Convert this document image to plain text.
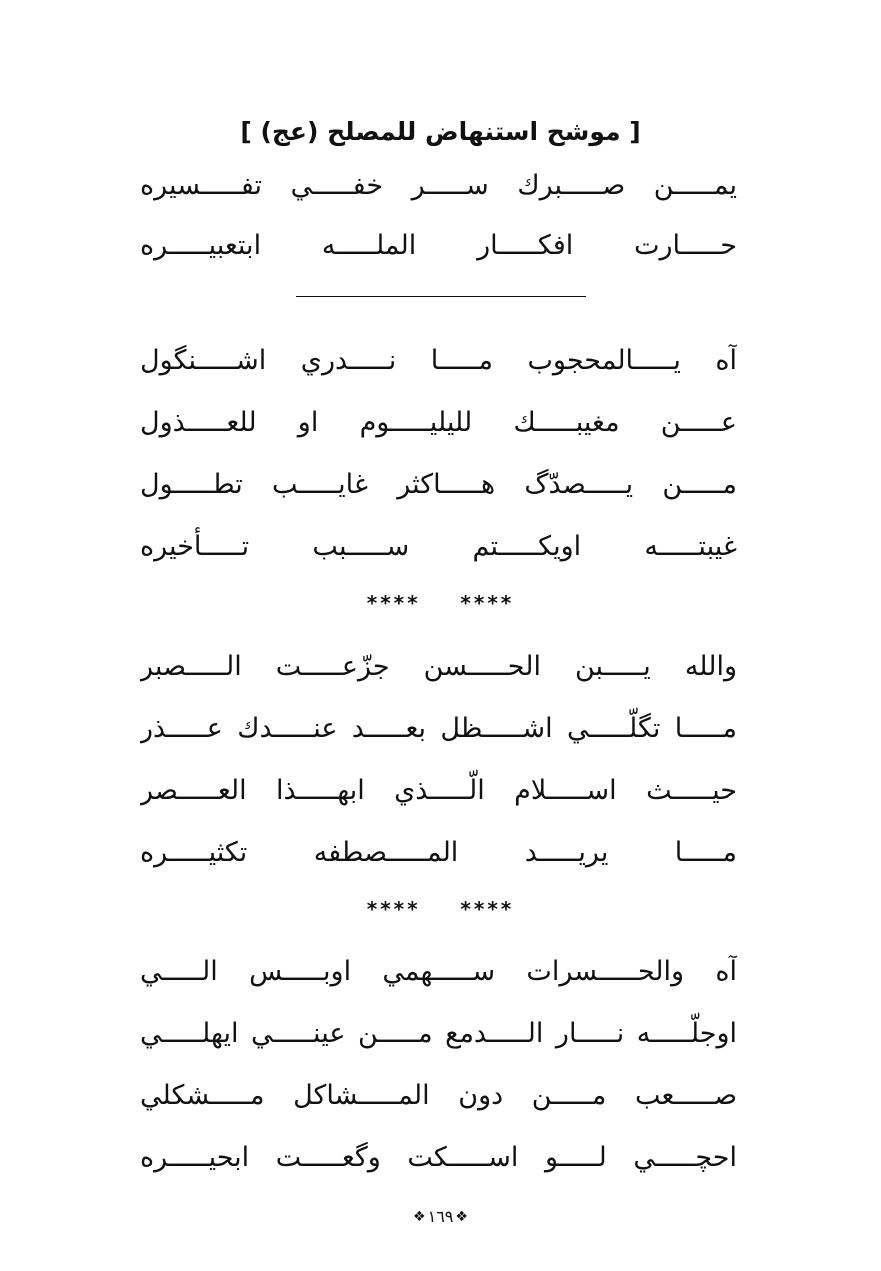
[ موشح استنهاض للمصلح (عج) ]
يمـــــن صـــــبرك ســـــر خفـــــي تفـــــسيره
حـــــارت افكـــــار الملـــــه ابتعبيـــــره
آه يـــــالمحجوب مـــــا نـــــدري اشـــــنگول
عـــــن مغيبـــــك لليليـــــوم او للعـــــذول
مـــــن يـــــصدّگ هـــــاكثر غايـــــب تطـــــول
غيبتـــــه اويكـــــتم ســـــبب تـــــأخيره
****    ****
والله يـــــبن الحـــــسن جزّعـــــت الـــــصبر
مـــــا تگلّـــــي اشـــــظل بعـــــد عنـــــدك عـــــذر
حيـــــث اســـــلام الّـــــذي ابهـــــذا العـــــصر
مـــــا يريـــــد المـــــصطفه تكثيـــــره
****    ****
آه والحـــــسرات ســـــهمي اوبـــــس الـــــي
اوجلّـــــه نـــــار الـــــدمع مـــــن عينـــــي ايهلـــــي
صـــــعب مـــــن دون المـــــشاكل مـــــشكلي
احچـــــي لـــــو اســـــكت وگعـــــت ابحيـــــره
❖ ١٦٩ ❖
